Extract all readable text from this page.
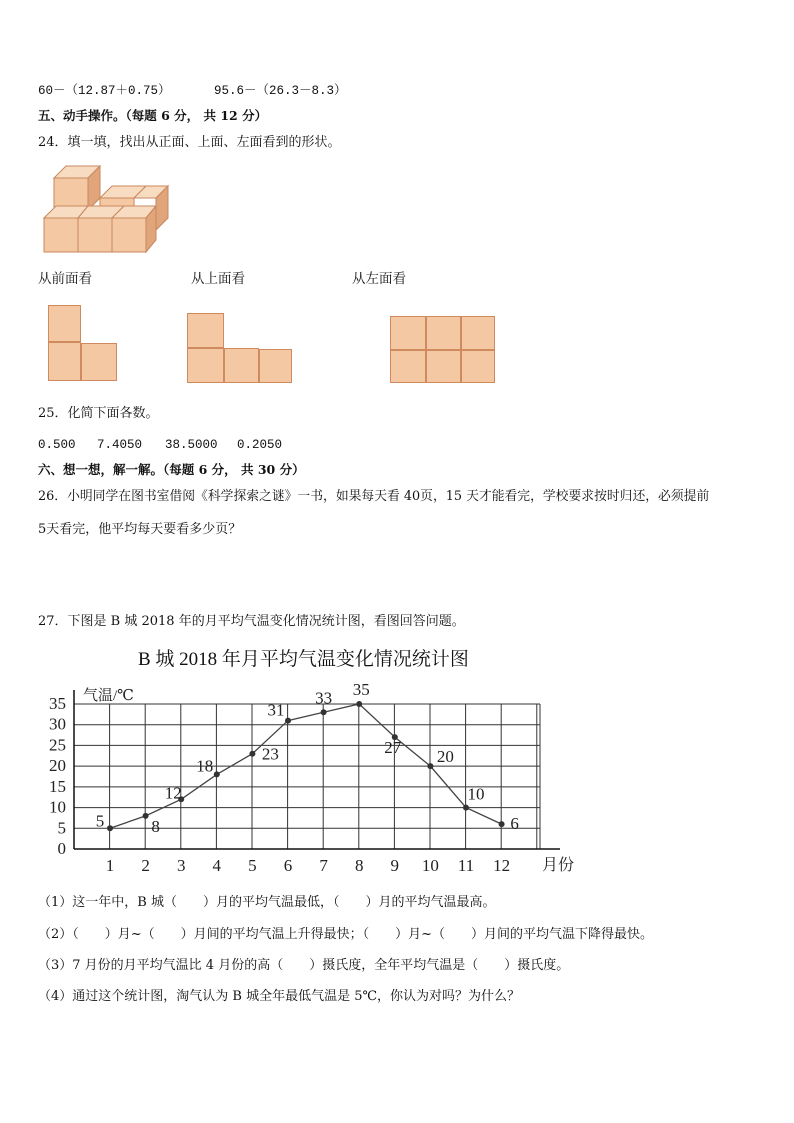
60－（12.87＋0.75）	95.6－（26.3－8.3）
五、动手操作。（每题 6 分， 共 12 分）
24．填一填，找出从正面、上面、左面看到的形状。
从前面看	从上面看	从左面看
25．化简下面各数。
0.500 7.4050 38.5000 0.2050
六、想一想，解一解。（每题 6 分， 共 30 分）
26．小明同学在图书室借阅《科学探索之谜》一书，如果每天看 40页，15 天才能看完，学校要求按时归还，必须提前
5天看完，他平均每天要看多少页？
27．下图是 B 城 2018 年的月平均气温变化情况统计图，看图回答问题。
B 城 2018 年月平均气温变化情况统计图
0
5
10
15
20
25
30
35
1 2 3 4 5 6 7 8 9 10 11 12
5	8
12
18
23
31
33 35
27 20
10
6
气温/℃
月份
（1）这一年中，B 城（　　）月的平均气温最低，（　　）月的平均气温最高。
（2）（　　）月~（　　）月间的平均气温上升得最快；（　　）月~（　　）月间的平均气温下降得最快。
（3）7 月份的月平均气温比 4 月份的高（　　）摄氏度，全年平均气温是（　　）摄氏度。
（4）通过这个统计图，淘气认为 B 城全年最低气温是 5℃，你认为对吗？为什么？
